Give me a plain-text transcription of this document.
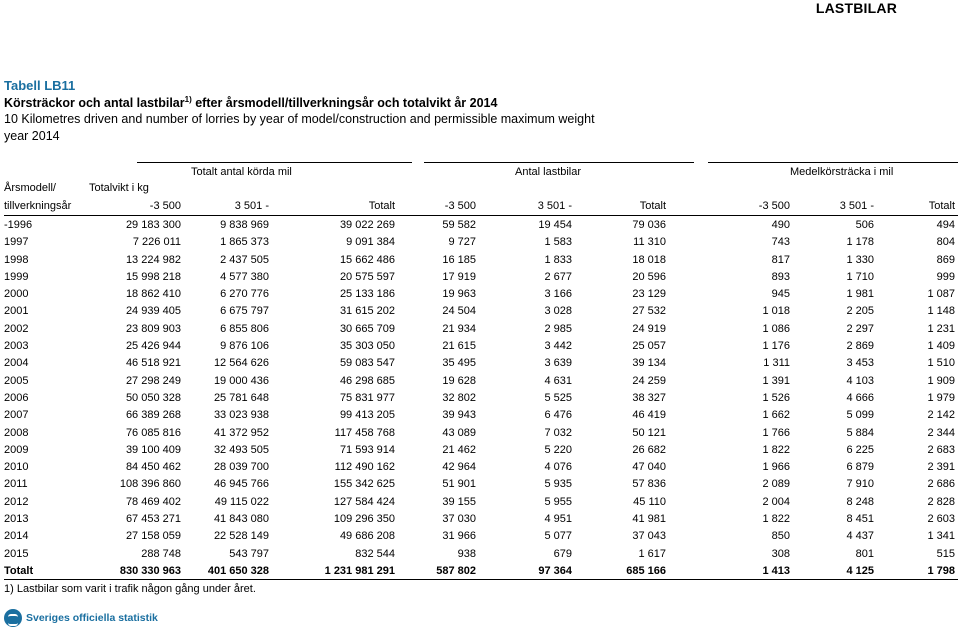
LASTBILAR
Tabell LB11
Körsträckor och antal lastbilar$^{1)}$ efter årsmodell/tillverkningsår och totalvikt år 2014
10 Kilometres driven and number of lorries by year of model/construction and permissible maximum weight
year 2014
Totalt antal körda mil	Antal lastbilar	Medelkörsträcka i mil
Årsmodell/	Totalvikt i kg
tillverkningsår	-3 500	3 501 -	Totalt	-3 500	3 501 -	Totalt	-3 500	3 501 -	Totalt
-1996	29 183 300	9 838 969	39 022 269	59 582	19 454	79 036	490	506	494
1997	7 226 011	1 865 373	9 091 384	9 727	1 583	11 310	743	1 178	804
1998	13 224 982	2 437 505	15 662 486	16 185	1 833	18 018	817	1 330	869
1999	15 998 218	4 577 380	20 575 597	17 919	2 677	20 596	893	1 710	999
2000	18 862 410	6 270 776	25 133 186	19 963	3 166	23 129	945	1 981	1 087
2001	24 939 405	6 675 797	31 615 202	24 504	3 028	27 532	1 018	2 205	1 148
2002	23 809 903	6 855 806	30 665 709	21 934	2 985	24 919	1 086	2 297	1 231
2003	25 426 944	9 876 106	35 303 050	21 615	3 442	25 057	1 176	2 869	1 409
2004	46 518 921	12 564 626	59 083 547	35 495	3 639	39 134	1 311	3 453	1 510
2005	27 298 249	19 000 436	46 298 685	19 628	4 631	24 259	1 391	4 103	1 909
2006	50 050 328	25 781 648	75 831 977	32 802	5 525	38 327	1 526	4 666	1 979
2007	66 389 268	33 023 938	99 413 205	39 943	6 476	46 419	1 662	5 099	2 142
2008	76 085 816	41 372 952	117 458 768	43 089	7 032	50 121	1 766	5 884	2 344
2009	39 100 409	32 493 505	71 593 914	21 462	5 220	26 682	1 822	6 225	2 683
2010	84 450 462	28 039 700	112 490 162	42 964	4 076	47 040	1 966	6 879	2 391
2011	108 396 860	46 945 766	155 342 625	51 901	5 935	57 836	2 089	7 910	2 686
2012	78 469 402	49 115 022	127 584 424	39 155	5 955	45 110	2 004	8 248	2 828
2013	67 453 271	41 843 080	109 296 350	37 030	4 951	41 981	1 822	8 451	2 603
2014	27 158 059	22 528 149	49 686 208	31 966	5 077	37 043	850	4 437	1 341
2015	288 748	543 797	832 544	938	679	1 617	308	801	515
Totalt	830 330 963	401 650 328	1 231 981 291	587 802	97 364	685 166	1 413	4 125	1 798
1) Lastbilar som varit i trafik någon gång under året.
Sveriges officiella statistik
